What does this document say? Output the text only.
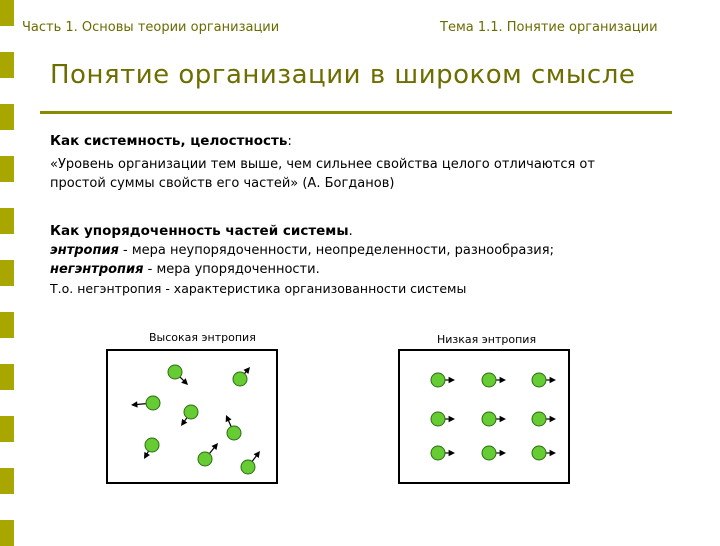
Часть 1. Основы теории организации	Тема 1.1. Понятие организации
Понятие организации в широком смысле
Как системность, целостность:
«Уровень организации тем выше, чем сильнее свойства целого отличаются от простой суммы свойств его частей» (А. Богданов)
Как упорядоченность частей системы.
энтропия - мера неупорядоченности, неопределенности, разнообразия;
негэнтропия - мера упорядоченности.
Т.о. негэнтропия - характеристика организованности системы
Высокая энтропия	Низкая энтропия
